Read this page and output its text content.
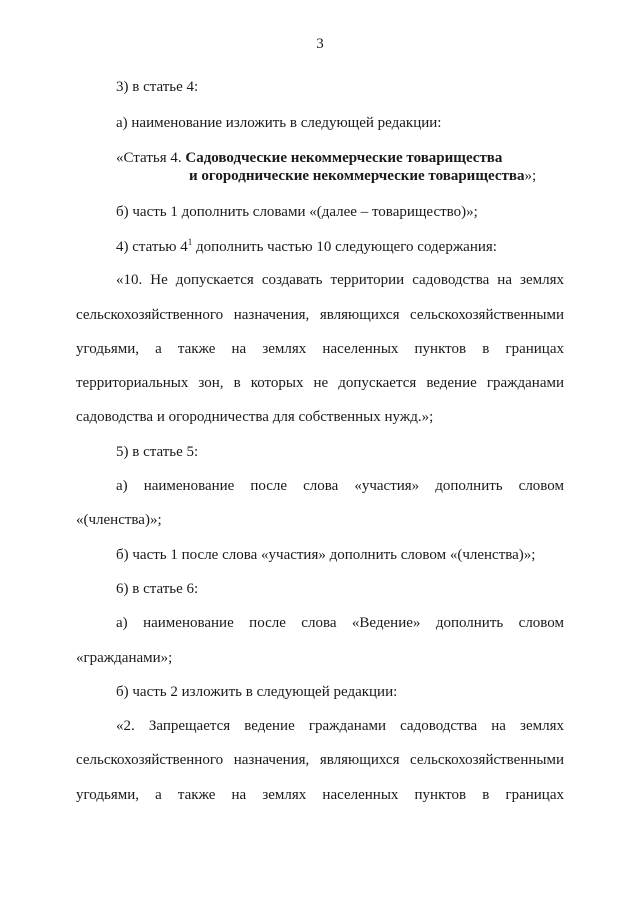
3
3) в статье 4:
а) наименование изложить в следующей редакции:
«Статья 4. Садоводческие некоммерческие товарищества
и огороднические некоммерческие товарищества»;
б) часть 1 дополнить словами «(далее – товарищество)»;
4) статью $4^1$ дополнить частью 10 следующего содержания:
«10. Не допускается создавать территории садоводства на землях
сельскохозяйственного назначения, являющихся сельскохозяйственными
угодьями, а также на землях населенных пунктов в границах
территориальных зон, в которых не допускается ведение гражданами
садоводства и огородничества для собственных нужд.»;
5) в статье 5:
а) наименование после слова «участия» дополнить словом
«(членства)»;
б) часть 1 после слова «участия» дополнить словом «(членства)»;
6) в статье 6:
а) наименование после слова «Ведение» дополнить словом
«гражданами»;
б) часть 2 изложить в следующей редакции:
«2. Запрещается ведение гражданами садоводства на землях
сельскохозяйственного назначения, являющихся сельскохозяйственными
угодьями, а также на землях населенных пунктов в границах
